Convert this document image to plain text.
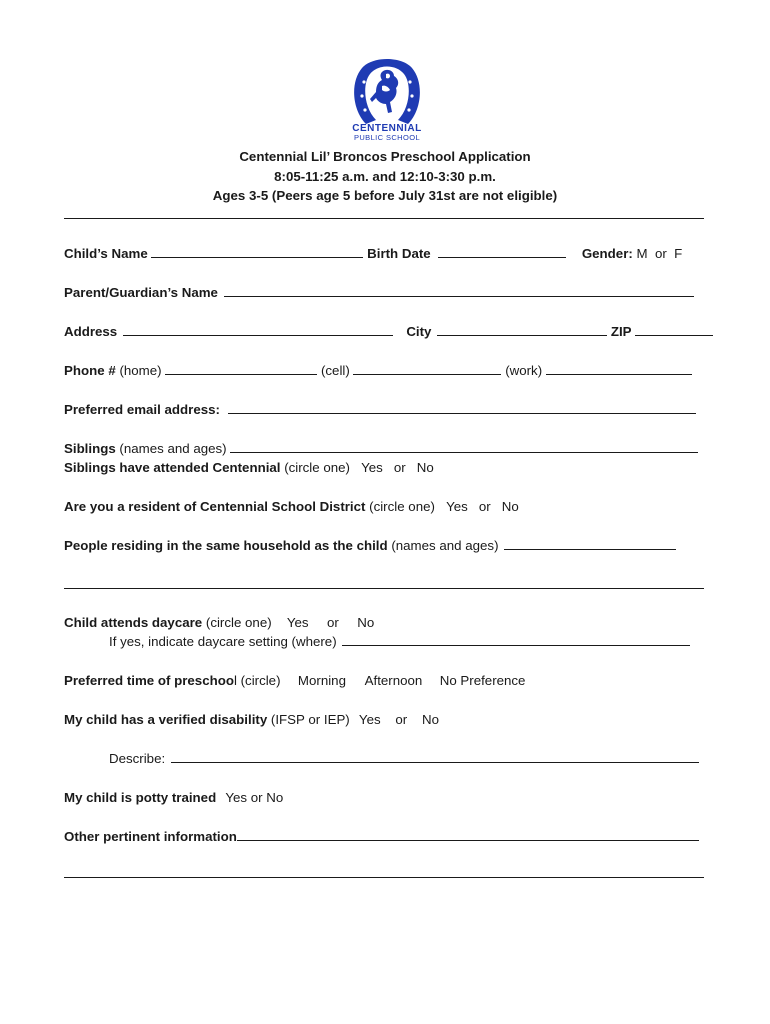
CENTENNIAL
PUBLIC SCHOOL
Centennial Lil’ Broncos Preschool Application
8:05-11:25 a.m. and 12:10-3:30 p.m.
Ages 3-5 (Peers age 5 before July 31st are not eligible)
Child’s Name	Birth Date	Gender: M  or  F
Parent/Guardian’s Name
Address	City	ZIP
Phone # (home)	(cell)	(work)
Preferred email address:
Siblings (names and ages)
Siblings have attended Centennial (circle one) Yes   or   No
Are you a resident of Centennial School District (circle one) Yes   or   No
People residing in the same household as the child (names and ages)
Child attends daycare (circle one) Yes     or     No
If yes, indicate daycare setting (where)
Preferred time of preschool (circle) Morning Afternoon No Preference
My child has a verified disability (IFSP or IEP) Yes    or    No
Describe:
My child is potty trained Yes or No
Other pertinent information
